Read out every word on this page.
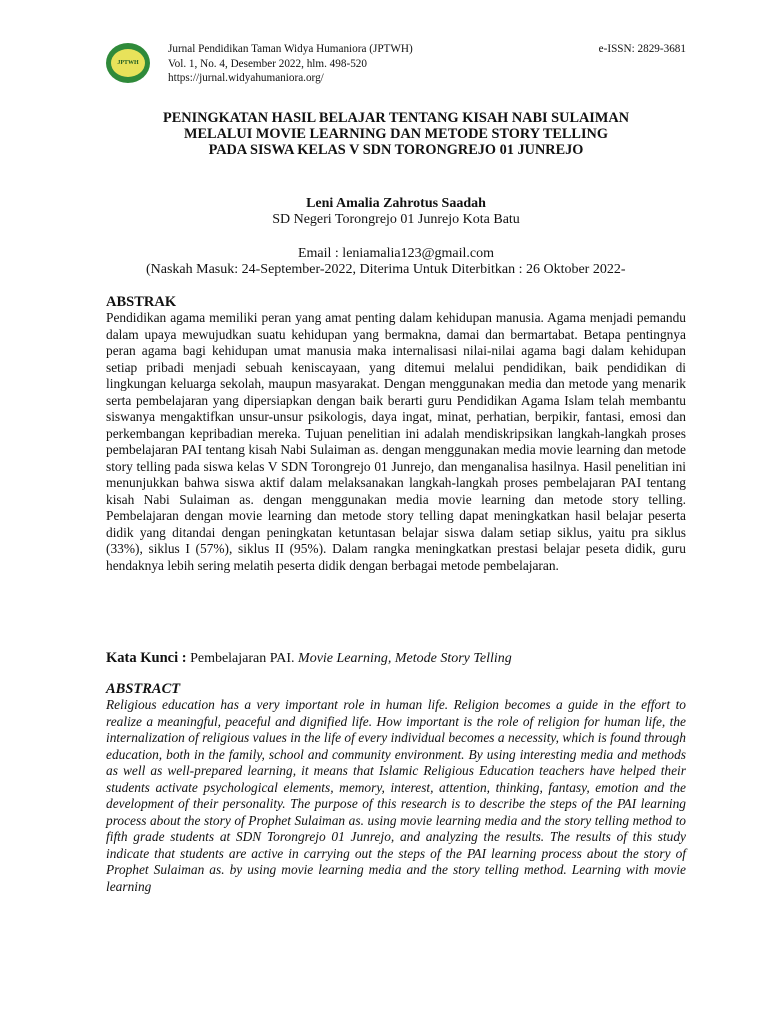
JPTWH
Jurnal Pendidikan Taman Widya Humaniora (JPTWH)
Vol. 1, No. 4, Desember 2022, hlm. 498-520
https://jurnal.widyahumaniora.org/
e-ISSN: 2829-3681
PENINGKATAN HASIL BELAJAR TENTANG KISAH NABI SULAIMAN
MELALUI MOVIE LEARNING DAN METODE STORY TELLING
PADA SISWA KELAS V SDN TORONGREJO 01 JUNREJO
Leni Amalia Zahrotus Saadah
SD Negeri Torongrejo 01 Junrejo Kota Batu
Email : leniamalia123@gmail.com
(Naskah Masuk: 24-September-2022, Diterima Untuk Diterbitkan : 26 Oktober 2022-
ABSTRAK
Pendidikan agama memiliki peran yang amat penting dalam kehidupan manusia. Agama menjadi pemandu dalam upaya mewujudkan suatu kehidupan yang bermakna, damai dan bermartabat. Betapa pentingnya peran agama bagi kehidupan umat manusia maka internalisasi nilai-nilai agama bagi dalam kehidupan setiap pribadi menjadi sebuah keniscayaan, yang ditemui melalui pendidikan, baik pendidikan di lingkungan keluarga sekolah, maupun masyarakat. Dengan menggunakan media dan metode yang menarik serta pembelajaran yang dipersiapkan dengan baik berarti guru Pendidikan Agama Islam telah membantu siswanya mengaktifkan unsur-unsur psikologis, daya ingat, minat, perhatian, berpikir, fantasi, emosi dan perkembangan kepribadian mereka. Tujuan penelitian ini adalah mendiskripsikan langkah-langkah proses pembelajaran PAI tentang kisah Nabi Sulaiman as. dengan menggunakan media movie learning dan metode story telling pada siswa kelas V SDN Torongrejo 01 Junrejo, dan menganalisa hasilnya. Hasil penelitian ini menunjukkan bahwa siswa aktif dalam melaksanakan langkah-langkah proses pembelajaran PAI tentang kisah Nabi Sulaiman as. dengan menggunakan media movie learning dan metode story telling. Pembelajaran dengan movie learning dan metode story telling dapat meningkatkan hasil belajar peserta didik yang ditandai dengan peningkatan ketuntasan belajar siswa dalam setiap siklus, yaitu pra siklus (33%), siklus I (57%), siklus II (95%). Dalam rangka meningkatkan prestasi belajar peseta didik, guru hendaknya lebih sering melatih peserta didik dengan berbagai metode pembelajaran.
Kata Kunci : Pembelajaran PAI. Movie Learning, Metode Story Telling
ABSTRACT
Religious education has a very important role in human life. Religion becomes a guide in the effort to realize a meaningful, peaceful and dignified life. How important is the role of religion for human life, the internalization of religious values in the life of every individual becomes a necessity, which is found through education, both in the family, school and community environment. By using interesting media and methods as well as well-prepared learning, it means that Islamic Religious Education teachers have helped their students activate psychological elements, memory, interest, attention, thinking, fantasy, emotion and the development of their personality. The purpose of this research is to describe the steps of the PAI learning process about the story of Prophet Sulaiman as. using movie learning media and the story telling method to fifth grade students at SDN Torongrejo 01 Junrejo, and analyzing the results. The results of this study indicate that students are active in carrying out the steps of the PAI learning process about the story of Prophet Sulaiman as. by using movie learning media and the story telling method. Learning with movie learning
